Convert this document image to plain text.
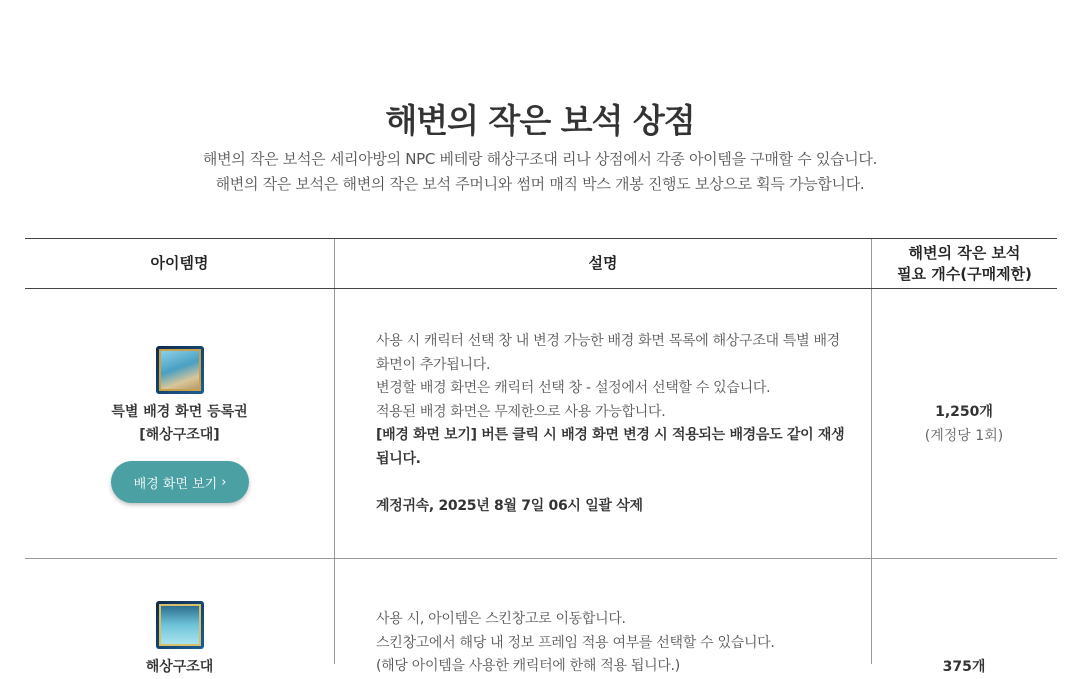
해변의 작은 보석 상점
해변의 작은 보석은 세리아방의 NPC 베테랑 해상구조대 리나 상점에서 각종 아이템을 구매할 수 있습니다.
해변의 작은 보석은 해변의 작은 보석 주머니와 썸머 매직 박스 개봉 진행도 보상으로 획득 가능합니다.
아이템명	설명
해변의 작은 보석
필요 개수(구매제한)
특별 배경 화면 등록권
[해상구조대]
배경 화면 보기 ›

사용 시 캐릭터 선택 창 내 변경 가능한 배경 화면 목록에 해상구조대 특별 배경

화면이 추가됩니다.

변경할 배경 화면은 캐릭터 선택 창 - 설정에서 선택할 수 있습니다.

적용된 배경 화면은 무제한으로 사용 가능합니다.

[배경 화면 보기] 버튼 클릭 시 배경 화면 변경 시 적용되는 배경음도 같이 재생

됩니다.

계정귀속, 2025년 8월 7일 06시 일괄 삭제

1,250개
(계정당 1회)
해상구조대

사용 시, 아이템은 스킨창고로 이동합니다.

스킨창고에서 해당 내 정보 프레임 적용 여부를 선택할 수 있습니다.

(해당 아이템을 사용한 캐릭터에 한해 적용 됩니다.)	375개
